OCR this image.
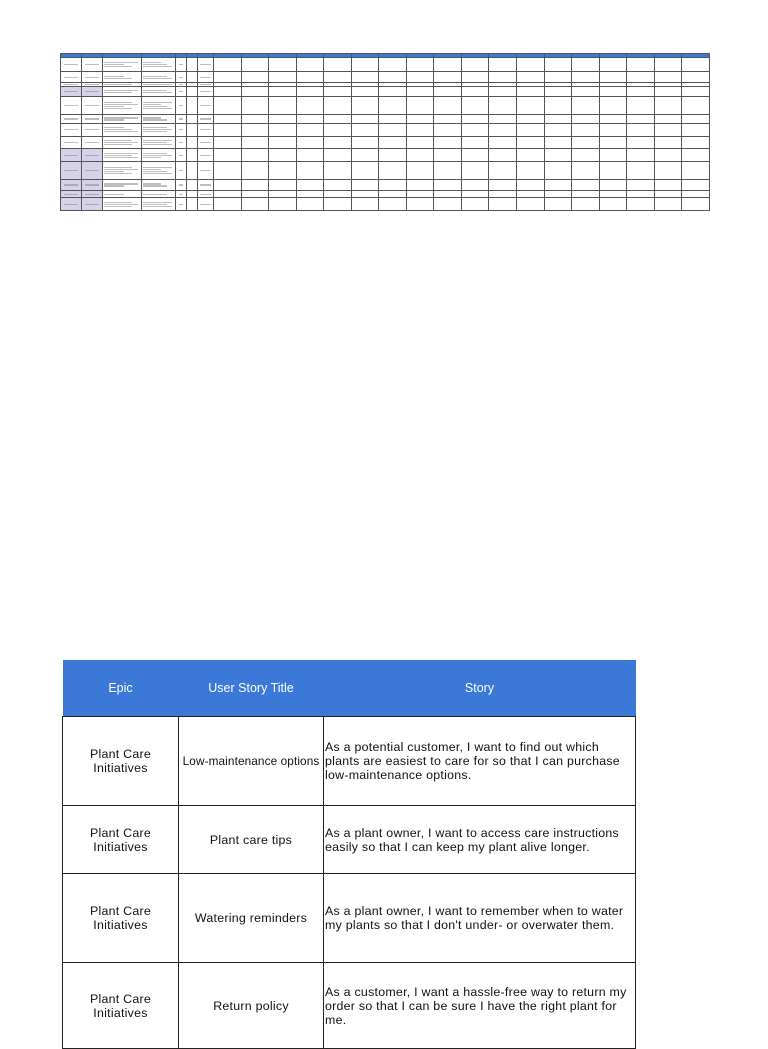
Epic	User Story Title	Story
Plant Care Initiatives	Low-maintenance options	As a potential customer, I want to find out which plants are easiest to care for so that I can purchase low-maintenance options.
Plant Care Initiatives	Plant care tips	As a plant owner, I want to access care instructions easily so that I can keep my plant alive longer.
Plant Care Initiatives	Watering reminders	As a plant owner, I want to remember when to water my plants so that I don't under- or overwater them.
Plant Care Initiatives	Return policy	As a customer, I want a hassle-free way to return my order so that I can be sure I have the right plant for me.
